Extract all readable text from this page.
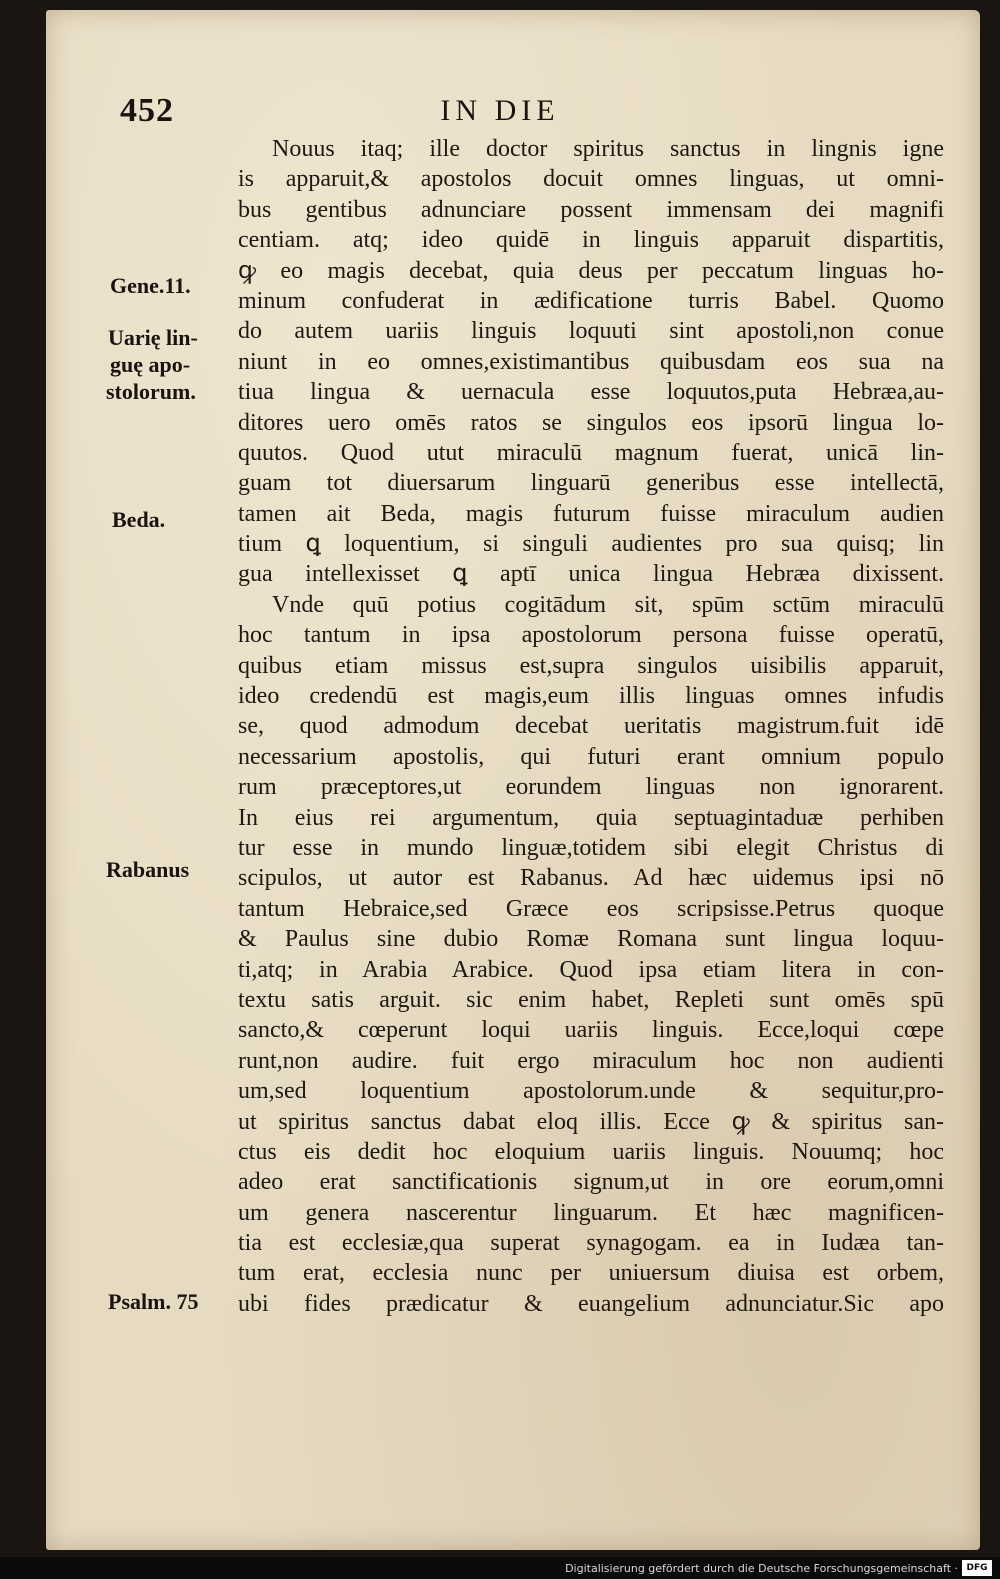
452	IN DIE
Gene.11.
Uarię lin-
guę apo-
stolorum.
Beda.
Rabanus
Psalm. 75
Nouus itaq; ille doctor spiritus sanctus in lingnis igne
is apparuit,& apostolos docuit omnes linguas, ut omni-
bus gentibus adnunciare possent immensam dei magnifi
centiam. atq; ideo quidē in linguis apparuit dispartitis,
ꝙ eo magis decebat, quia deus per peccatum linguas ho-
minum confuderat in ædificatione turris Babel. Quomo
do autem uariis linguis loquuti sint apostoli,non conue
niunt in eo omnes,existimantibus quibusdam eos sua na
tiua lingua & uernacula esse loquutos,puta Hebræa,au-
ditores uero omēs ratos se singulos eos ipsorū lingua lo-
quutos. Quod utut miraculū magnum fuerat, unicā lin-
guam tot diuersarum linguarū generibus esse intellectā,
tamen ait Beda, magis futurum fuisse miraculum audien
tium ꝗ loquentium, si singuli audientes pro sua quisq; lin
gua intellexisset ꝗ aptī unica lingua Hebræa dixissent.
Vnde quū potius cogitādum sit, spūm sctūm miraculū
hoc tantum in ipsa apostolorum persona fuisse operatū,
quibus etiam missus est,supra singulos uisibilis apparuit,
ideo credendū est magis,eum illis linguas omnes infudis
se, quod admodum decebat ueritatis magistrum.fuit idē
necessarium apostolis, qui futuri erant omnium populo
rum præceptores,ut eorundem linguas non ignorarent.
In eius rei argumentum, quia septuagintaduæ perhiben
tur esse in mundo linguæ,totidem sibi elegit Christus di
scipulos, ut autor est Rabanus. Ad hæc uidemus ipsi nō
tantum Hebraice,sed Græce eos scripsisse.Petrus quoque
& Paulus sine dubio Romæ Romana sunt lingua loquu-
ti,atq; in Arabia Arabice. Quod ipsa etiam litera in con-
textu satis arguit. sic enim habet, Repleti sunt omēs spū
sancto,& cœperunt loqui uariis linguis. Ecce,loqui cœpe
runt,non audire. fuit ergo miraculum hoc non audienti
um,sed loquentium apostolorum.unde & sequitur,pro-
ut spiritus sanctus dabat eloq illis. Ecce ꝙ & spiritus san-
ctus eis dedit hoc eloquium uariis linguis. Nouumq; hoc
adeo erat sanctificationis signum,ut in ore eorum,omni
um genera nascerentur linguarum. Et hæc magnificen-
tia est ecclesiæ,qua superat synagogam. ea in Iudæa tan-
tum erat, ecclesia nunc per uniuersum diuisa est orbem,
ubi fides prædicatur & euangelium adnunciatur.Sic apo
Digitalisierung gefördert durch die Deutsche Forschungsgemeinschaft · DFG
